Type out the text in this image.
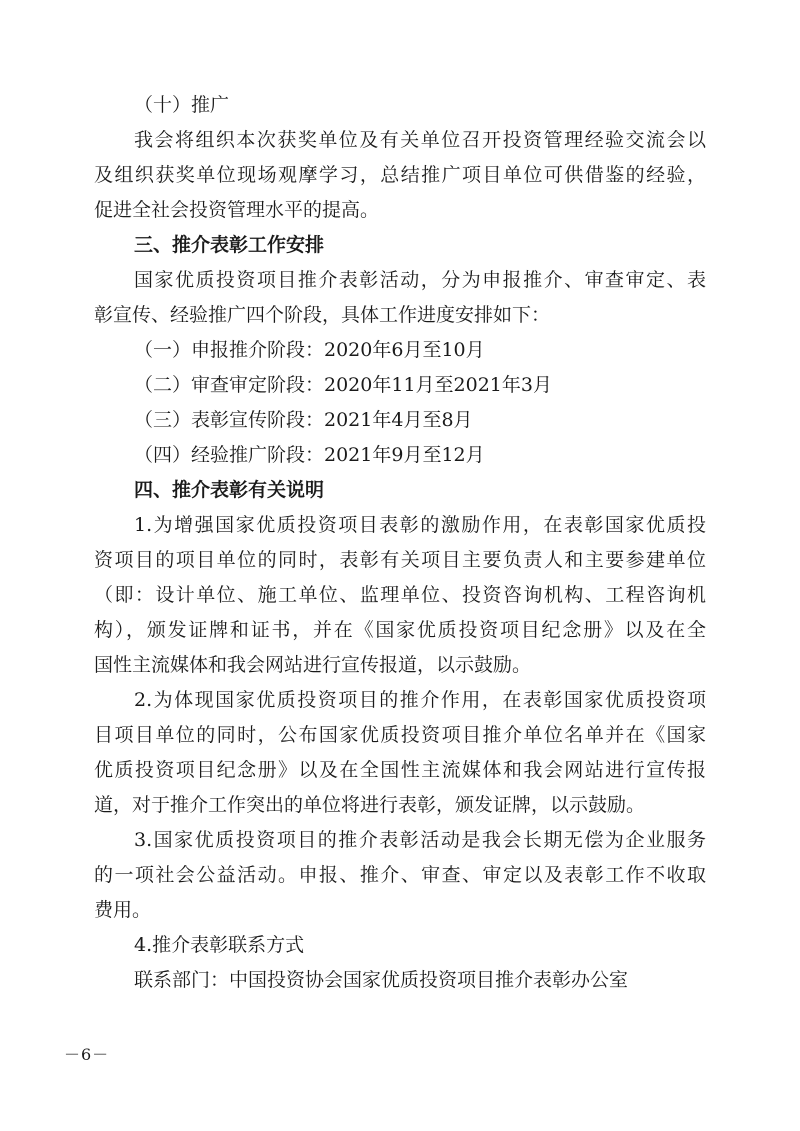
（十）推广
我会将组织本次获奖单位及有关单位召开投资管理经验交流会以
及组织获奖单位现场观摩学习，总结推广项目单位可供借鉴的经验，
促进全社会投资管理水平的提高。
三、推介表彰工作安排
国家优质投资项目推介表彰活动，分为申报推介、审查审定、表
彰宣传、经验推广四个阶段，具体工作进度安排如下：
（一）申报推介阶段：2020年6月至10月
（二）审查审定阶段：2020年11月至2021年3月
（三）表彰宣传阶段：2021年4月至8月
（四）经验推广阶段：2021年9月至12月
四、推介表彰有关说明
1.为增强国家优质投资项目表彰的激励作用，在表彰国家优质投
资项目的项目单位的同时，表彰有关项目主要负责人和主要参建单位
（即：设计单位、施工单位、监理单位、投资咨询机构、工程咨询机
构），颁发证牌和证书，并在《国家优质投资项目纪念册》以及在全
国性主流媒体和我会网站进行宣传报道，以示鼓励。
2.为体现国家优质投资项目的推介作用，在表彰国家优质投资项
目项目单位的同时，公布国家优质投资项目推介单位名单并在《国家
优质投资项目纪念册》以及在全国性主流媒体和我会网站进行宣传报
道，对于推介工作突出的单位将进行表彰，颁发证牌，以示鼓励。
3.国家优质投资项目的推介表彰活动是我会长期无偿为企业服务
的一项社会公益活动。申报、推介、审查、审定以及表彰工作不收取
费用。
4.推介表彰联系方式
联系部门：中国投资协会国家优质投资项目推介表彰办公室
－6－
